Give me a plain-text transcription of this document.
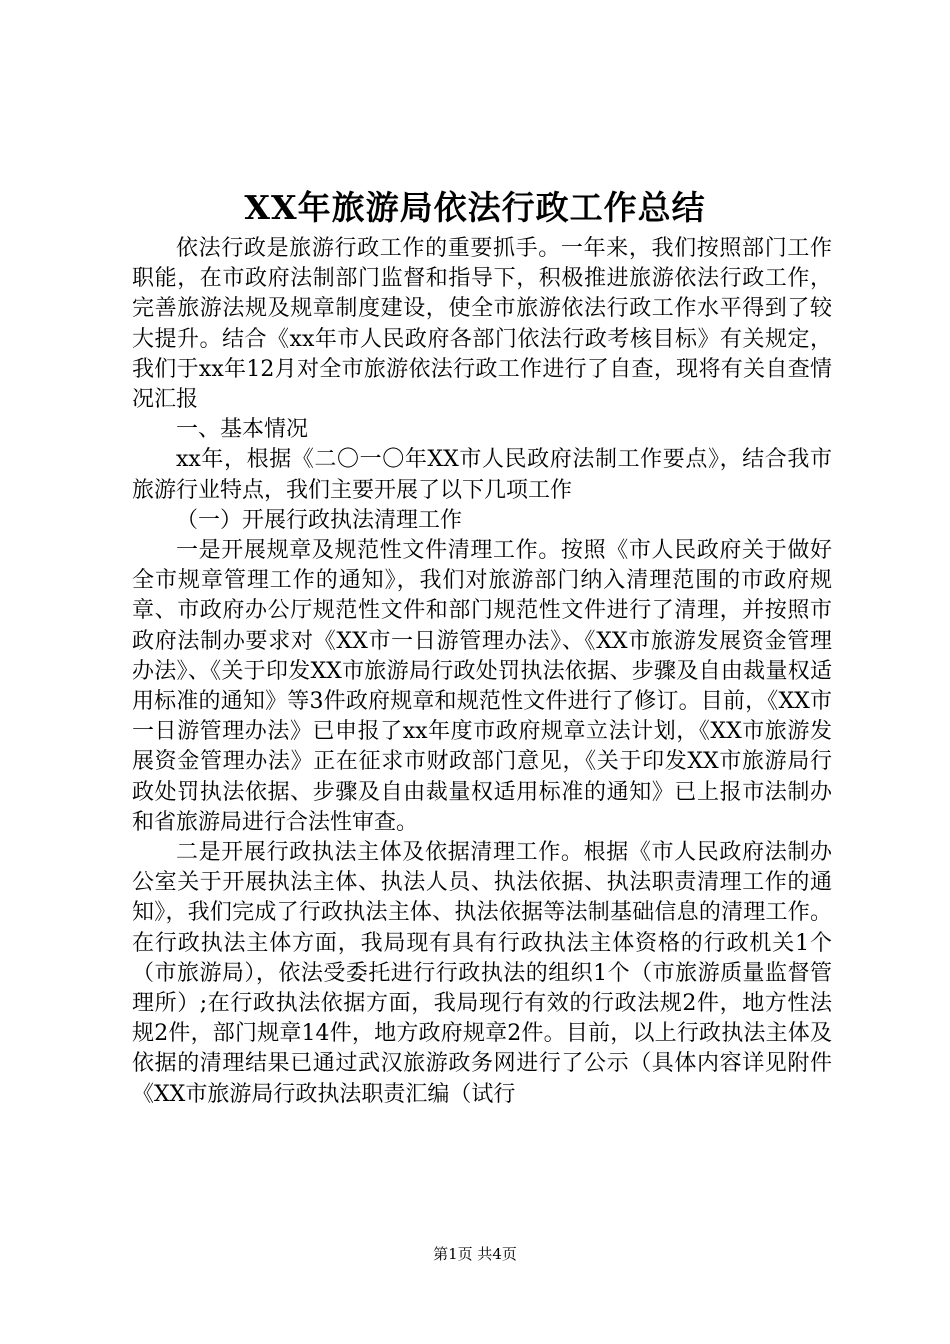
XX年旅游局依法行政工作总结

依法行政是旅游行政工作的重要抓手。一年来，我们按照部门工作职能，在市政府法制部门监督和指导下，积极推进旅游依法行政工作，完善旅游法规及规章制度建设，使全市旅游依法行政工作水平得到了较大提升。结合《xx年市人民政府各部门依法行政考核目标》有关规定，我们于xx年12月对全市旅游依法行政工作进行了自查，现将有关自查情况汇报

一、基本情况

xx年，根据《二〇一〇年XX市人民政府法制工作要点》，结合我市旅游行业特点，我们主要开展了以下几项工作

（一）开展行政执法清理工作

一是开展规章及规范性文件清理工作。按照《市人民政府关于做好全市规章管理工作的通知》，我们对旅游部门纳入清理范围的市政府规章、市政府办公厅规范性文件和部门规范性文件进行了清理，并按照市政府法制办要求对《XX市一日游管理办法》、《XX市旅游发展资金管理办法》、《关于印发XX市旅游局行政处罚执法依据、步骤及自由裁量权适用标准的通知》等3件政府规章和规范性文件进行了修订。目前，《XX市一日游管理办法》已申报了xx年度市政府规章立法计划，《XX市旅游发展资金管理办法》正在征求市财政部门意见，《关于印发XX市旅游局行政处罚执法依据、步骤及自由裁量权适用标准的通知》已上报市法制办和省旅游局进行合法性审查。

二是开展行政执法主体及依据清理工作。根据《市人民政府法制办公室关于开展执法主体、执法人员、执法依据、执法职责清理工作的通知》，我们完成了行政执法主体、执法依据等法制基础信息的清理工作。在行政执法主体方面，我局现有具有行政执法主体资格的行政机关1个（市旅游局），依法受委托进行行政执法的组织1个（市旅游质量监督管理所）;在行政执法依据方面，我局现行有效的行政法规2件，地方性法规2件，部门规章14件，地方政府规章2件。目前，以上行政执法主体及依据的清理结果已通过武汉旅游政务网进行了公示（具体内容详见附件《XX市旅游局行政执法职责汇编（试行

第1页 共4页
